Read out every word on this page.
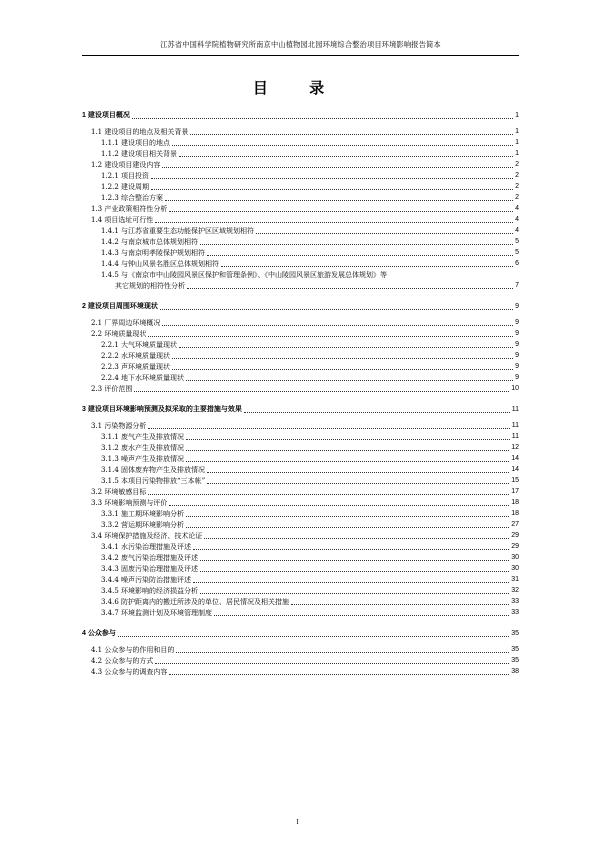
江苏省中国科学院植物研究所南京中山植物园北园环境综合整治项目环境影响报告简本
目 录
1 建设项目概况	1
1.1 建设项目的地点及相关背景	1
1.1.1 建设项目的地点	1
1.1.2 建设项目相关背景	1
1.2 建设项目建设内容	2
1.2.1 项目投资	2
1.2.2 建设周期	2
1.2.3 综合整治方案	2
1.3 产业政策相符性分析	4
1.4 项目选址可行性	4
1.4.1 与江苏省重要生态功能保护区区域规划相符	4
1.4.2 与南京城市总体规划相符	5
1.4.3 与南京明孝陵保护规划相符	5
1.4.4 与钟山风景名胜区总体规划相符	6
1.4.5 与《南京市中山陵园风景区保护和管理条例》、《中山陵园风景区旅游发展总体规划》等
其它规划的相符性分析	7
2 建设项目周围环境现状	9
2.1 厂界周边环境概况	9
2.2 环境质量现状	9
2.2.1 大气环境质量现状	9
2.2.2 水环境质量现状	9
2.2.3 声环境质量现状	9
2.2.4 地下水环境质量现状	9
2.3 评价范围	10
3 建设项目环境影响预测及拟采取的主要措施与效果	11
3.1 污染物源分析	11
3.1.1 废气产生及排放情况	11
3.1.2 废水产生及排放情况	12
3.1.3 噪声产生及排放情况	14
3.1.4 固体废弃物产生及排放情况	14
3.1.5 本项目污染物排放“三本帐”	15
3.2 环境敏感目标	17
3.3 环境影响预测与评价	18
3.3.1 施工期环境影响分析	18
3.3.2 营运期环境影响分析	27
3.4 环境保护措施及经济、技术论证	29
3.4.1 水污染治理措施及评述	29
3.4.2 废气污染治理措施及评述	30
3.4.3 固废污染治理措施及评述	30
3.4.4 噪声污染防治措施评述	31
3.4.5 环境影响的经济损益分析	32
3.4.6 防护距离内的搬迁所涉及的单位、居民情况及相关措施	33
3.4.7 环境监测计划及环境管理制度	33
4 公众参与	35
4.1 公众参与的作用和目的	35
4.2 公众参与的方式	35
4.3 公众参与的调查内容	38
I
